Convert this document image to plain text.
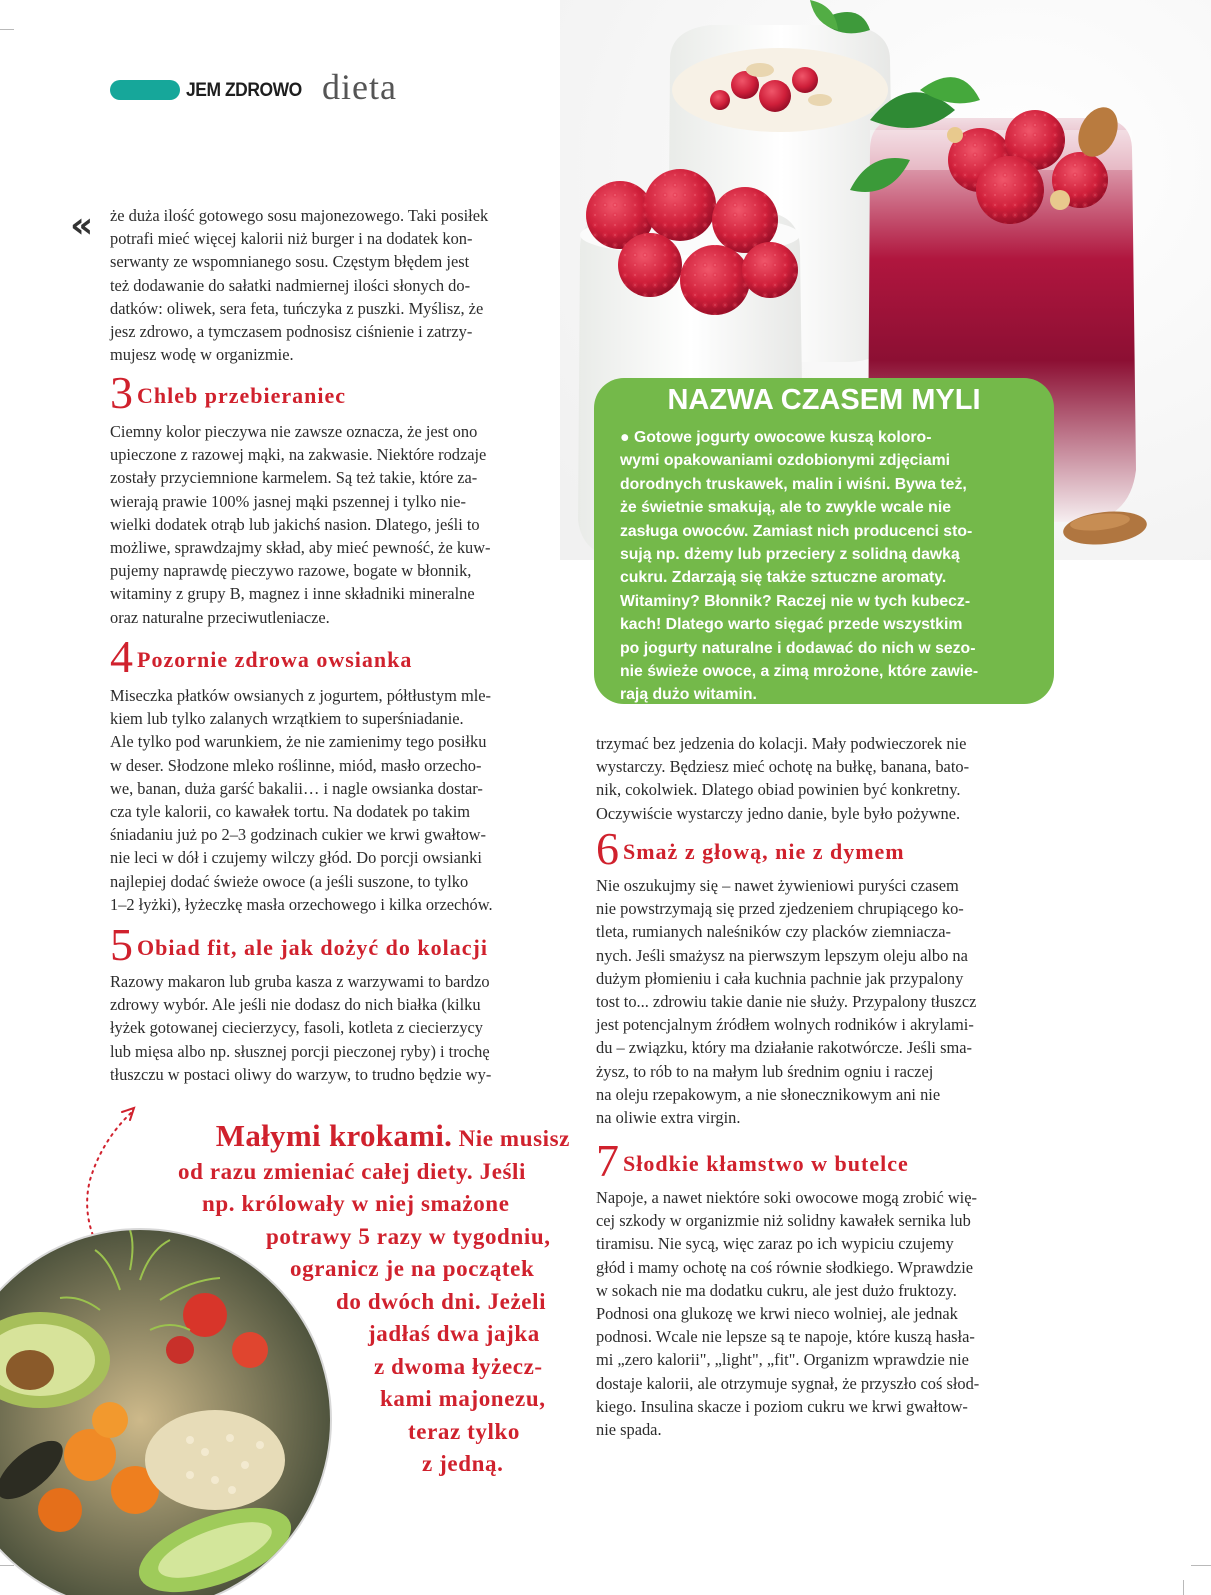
JEM ZDROWO dieta
« że duża ilość gotowego sosu majonezowego. Taki posiłek
potrafi mieć więcej kalorii niż burger i na dodatek kon-
serwanty ze wspomnianego sosu. Częstym błędem jest
też dodawanie do sałatki nadmiernej ilości słonych do-
datków: oliwek, sera feta, tuńczyka z puszki. Myślisz, że
jesz zdrowo, a tymczasem podnosisz ciśnienie i zatrzy-
mujesz wodę w organizmie.
3 Chleb przebieraniec
Ciemny kolor pieczywa nie zawsze oznacza, że jest ono
upieczone z razowej mąki, na zakwasie. Niektóre rodzaje
zostały przyciemnione karmelem. Są też takie, które za-
wierają prawie 100% jasnej mąki pszennej i tylko nie-
wielki dodatek otrąb lub jakichś nasion. Dlatego, jeśli to
możliwe, sprawdzajmy skład, aby mieć pewność, że kuw-
pujemy naprawdę pieczywo razowe, bogate w błonnik,
witaminy z grupy B, magnez i inne składniki mineralne
oraz naturalne przeciwutleniacze.
4 Pozornie zdrowa owsianka
Miseczka płatków owsianych z jogurtem, półtłustym mle-
kiem lub tylko zalanych wrzątkiem to superśniadanie.
Ale tylko pod warunkiem, że nie zamienimy tego posiłku
w deser. Słodzone mleko roślinne, miód, masło orzecho-
we, banan, duża garść bakalii… i nagle owsianka dostar-
cza tyle kalorii, co kawałek tortu. Na dodatek po takim
śniadaniu już po 2–3 godzinach cukier we krwi gwałtow-
nie leci w dół i czujemy wilczy głód. Do porcji owsianki
najlepiej dodać świeże owoce (a jeśli suszone, to tylko
1–2 łyżki), łyżeczkę masła orzechowego i kilka orzechów.
5 Obiad fit, ale jak dożyć do kolacji
Razowy makaron lub gruba kasza z warzywami to bardzo
zdrowy wybór. Ale jeśli nie dodasz do nich białka (kilku
łyżek gotowanej ciecierzycy, fasoli, kotleta z ciecierzycy
lub mięsa albo np. słusznej porcji pieczonej ryby) i trochę
tłuszczu w postaci oliwy do warzyw, to trudno będzie wy-
NAZWA CZASEM MYLI
● Gotowe jogurty owocowe kuszą koloro-
wymi opakowaniami ozdobionymi zdjęciami
dorodnych truskawek, malin i wiśni. Bywa też,
że świetnie smakują, ale to zwykle wcale nie
zasługa owoców. Zamiast nich producenci sto-
sują np. dżemy lub przeciery z solidną dawką
cukru. Zdarzają się także sztuczne aromaty.
Witaminy? Błonnik? Raczej nie w tych kubecz-
kach! Dlatego warto sięgać przede wszystkim
po jogurty naturalne i dodawać do nich w sezo-
nie świeże owoce, a zimą mrożone, które zawie-
rają dużo witamin.
trzymać bez jedzenia do kolacji. Mały podwieczorek nie
wystarczy. Będziesz mieć ochotę na bułkę, banana, bato-
nik, cokolwiek. Dlatego obiad powinien być konkretny.
Oczywiście wystarczy jedno danie, byle było pożywne.
6 Smaż z głową, nie z dymem
Nie oszukujmy się – nawet żywieniowi puryści czasem
nie powstrzymają się przed zjedzeniem chrupiącego ko-
tleta, rumianych naleśników czy placków ziemniacza-
nych. Jeśli smażysz na pierwszym lepszym oleju albo na
dużym płomieniu i cała kuchnia pachnie jak przypalony
tost to... zdrowiu takie danie nie służy. Przypalony tłuszcz
jest potencjalnym źródłem wolnych rodników i akrylami-
du – związku, który ma działanie rakotwórcze. Jeśli sma-
żysz, to rób to na małym lub średnim ogniu i raczej
na oleju rzepakowym, a nie słonecznikowym ani nie
na oliwie extra virgin.
7 Słodkie kłamstwo w butelce
Napoje, a nawet niektóre soki owocowe mogą zrobić wię-
cej szkody w organizmie niż solidny kawałek sernika lub
tiramisu. Nie sycą, więc zaraz po ich wypiciu czujemy
głód i mamy ochotę na coś równie słodkiego. Wprawdzie
w sokach nie ma dodatku cukru, ale jest dużo fruktozy.
Podnosi ona glukozę we krwi nieco wolniej, ale jednak
podnosi. Wcale nie lepsze są te napoje, które kuszą hasła-
mi „zero kalorii", „light", „fit". Organizm wprawdzie nie
dostaje kalorii, ale otrzymuje sygnał, że przyszło coś słod-
kiego. Insulina skacze i poziom cukru we krwi gwałtow-
nie spada.
Małymi krokami. Nie musisz
od razu zmieniać całej diety. Jeśli
np. królowały w niej smażone
potrawy 5 razy w tygodniu,
ogranicz je na początek
do dwóch dni. Jeżeli
jadłaś dwa jajka
z dwoma łyżecz-
kami majonezu,
teraz tylko
z jedną.
